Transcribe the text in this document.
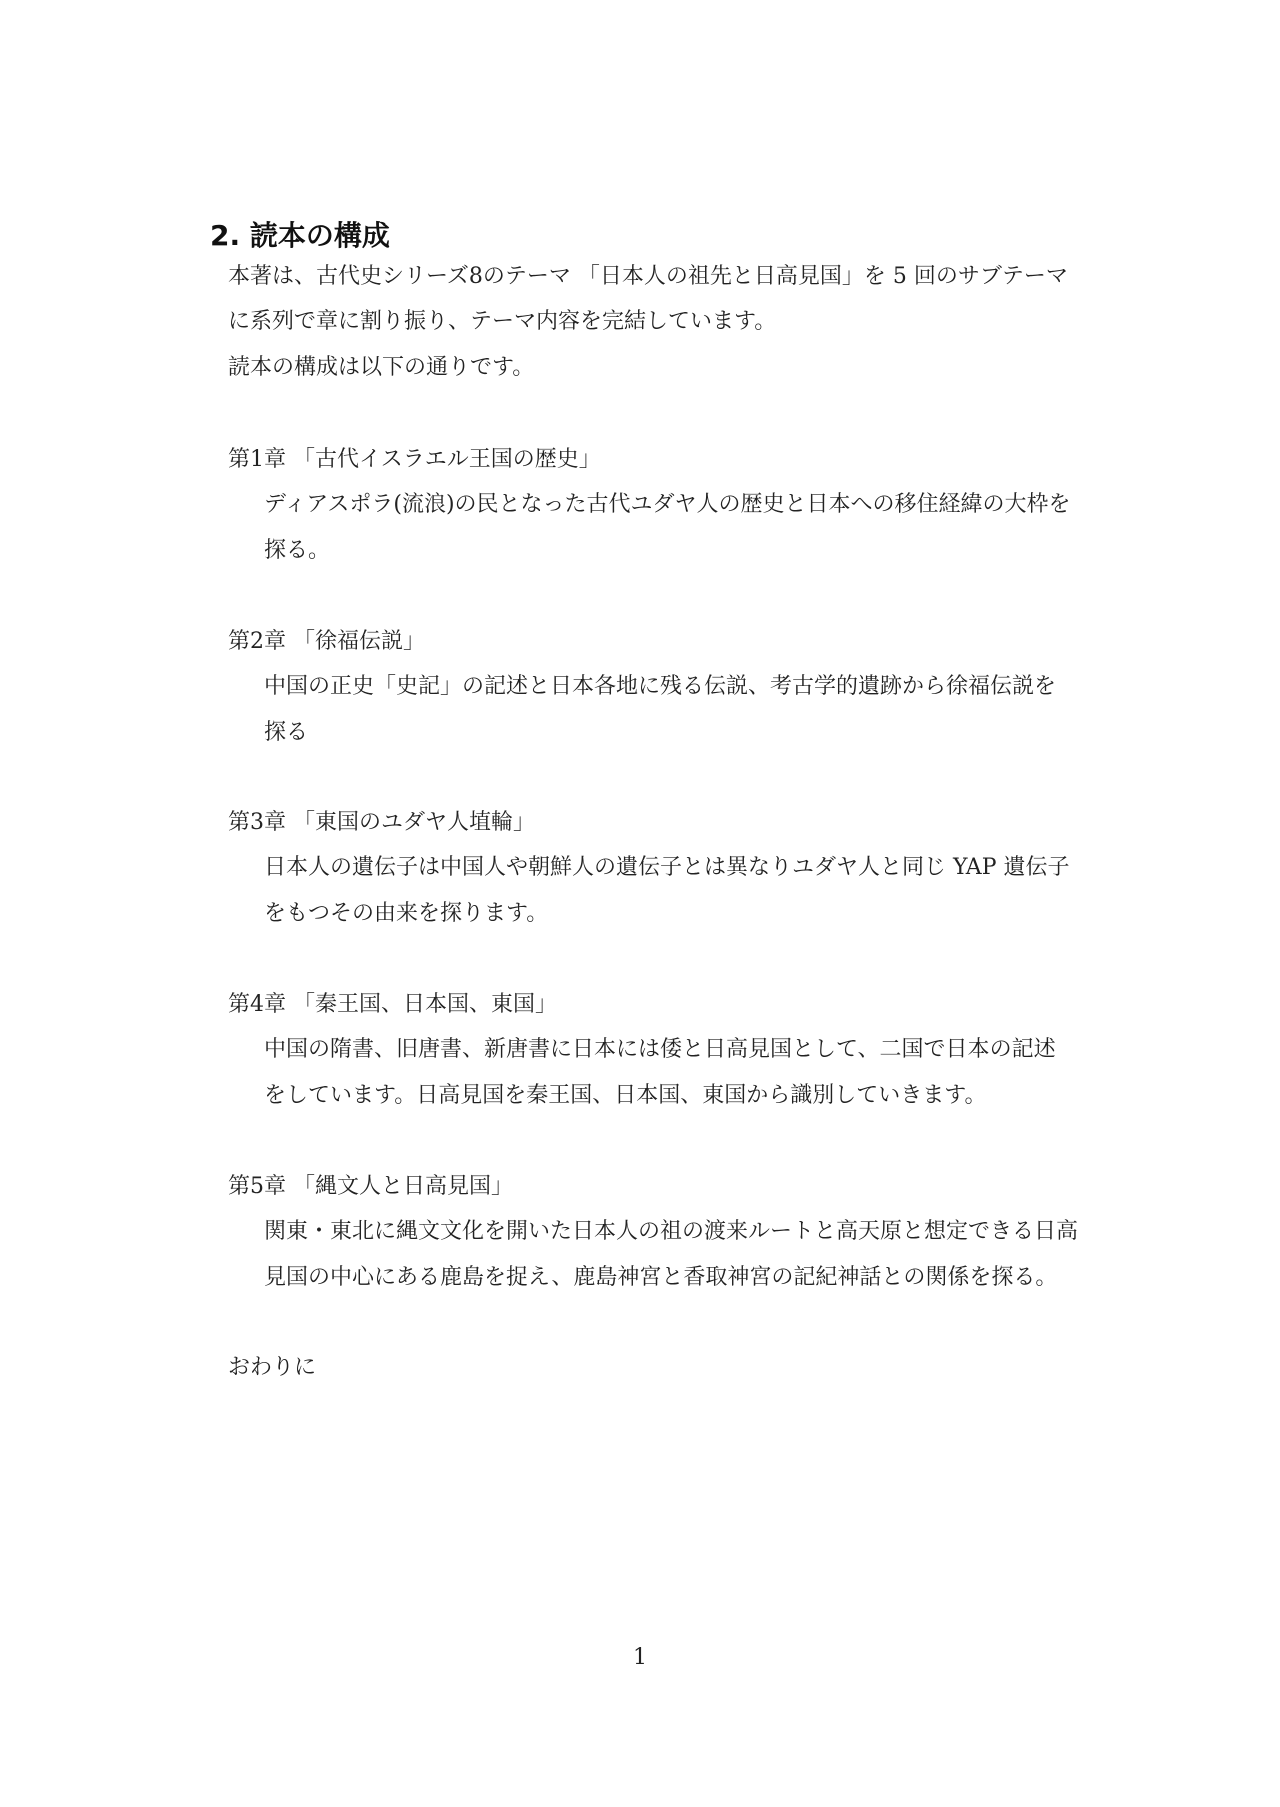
2. 読本の構成
本著は、古代史シリーズ8のテーマ 「日本人の祖先と日高見国」を 5 回のサブテーマ
に系列で章に割り振り、テーマ内容を完結しています。
読本の構成は以下の通りです。
第1章 「古代イスラエル王国の歴史」
ディアスポラ(流浪)の民となった古代ユダヤ人の歴史と日本への移住経緯の大枠を
探る。
第2章 「徐福伝説」
中国の正史「史記」の記述と日本各地に残る伝説、考古学的遺跡から徐福伝説を
探る
第3章 「東国のユダヤ人埴輪」
日本人の遺伝子は中国人や朝鮮人の遺伝子とは異なりユダヤ人と同じ YAP 遺伝子
をもつその由来を探ります。
第4章 「秦王国、日本国、東国」
中国の隋書、旧唐書、新唐書に日本には倭と日高見国として、二国で日本の記述
をしています。日高見国を秦王国、日本国、東国から識別していきます。
第5章 「縄文人と日高見国」
関東・東北に縄文文化を開いた日本人の祖の渡来ルートと高天原と想定できる日高
見国の中心にある鹿島を捉え、鹿島神宮と香取神宮の記紀神話との関係を探る。
おわりに
1
